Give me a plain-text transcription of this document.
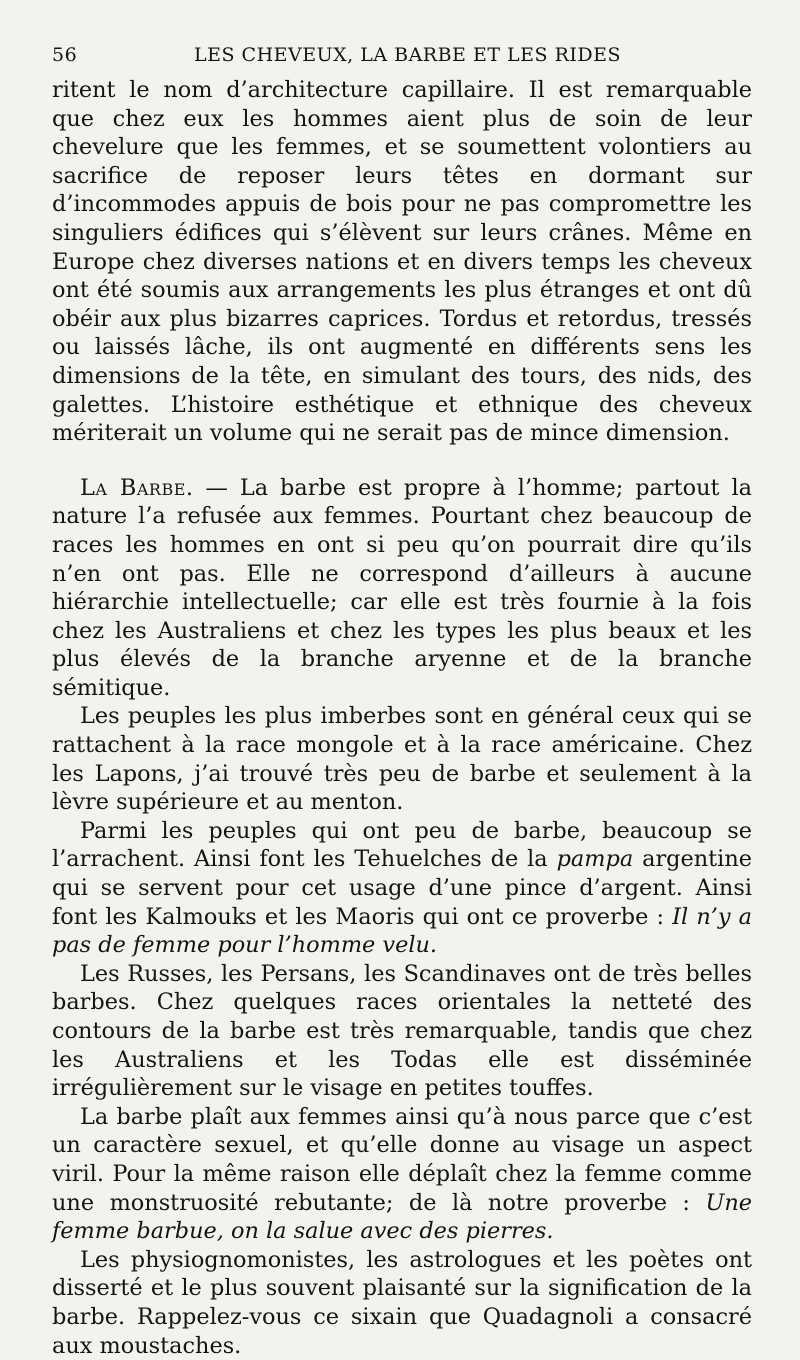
56	LES CHEVEUX, LA BARBE ET LES RIDES

ritent le nom d’architecture capillaire. Il est remarquable que chez eux les hommes aient plus de soin de leur chevelure que les femmes, et se soumettent volontiers au sacrifice de reposer leurs têtes en dormant sur d’incommodes appuis de bois pour ne pas compromettre les singuliers édifices qui s’élèvent sur leurs crânes. Même en Europe chez diverses nations et en divers temps les cheveux ont été soumis aux arrangements les plus étranges et ont dû obéir aux plus bizarres caprices. Tordus et retordus, tressés ou laissés lâche, ils ont augmenté en différents sens les dimensions de la tête, en simulant des tours, des nids, des galettes. L’histoire esthétique et ethnique des cheveux mériterait un volume qui ne serait pas de mince dimension.

La Barbe. — La barbe est propre à l’homme; partout la nature l’a refusée aux femmes. Pourtant chez beaucoup de races les hommes en ont si peu qu’on pourrait dire qu’ils n’en ont pas. Elle ne correspond d’ailleurs à aucune hiérarchie intellectuelle; car elle est très fournie à la fois chez les Australiens et chez les types les plus beaux et les plus élevés de la branche aryenne et de la branche sémitique.

Les peuples les plus imberbes sont en général ceux qui se rattachent à la race mongole et à la race américaine. Chez les Lapons, j’ai trouvé très peu de barbe et seulement à la lèvre supérieure et au menton.

Parmi les peuples qui ont peu de barbe, beaucoup se l’arrachent. Ainsi font les Tehuelches de la pampa argentine qui se servent pour cet usage d’une pince d’argent. Ainsi font les Kalmouks et les Maoris qui ont ce proverbe : Il n’y a pas de femme pour l’homme velu.

Les Russes, les Persans, les Scandinaves ont de très belles barbes. Chez quelques races orientales la netteté des contours de la barbe est très remarquable, tandis que chez les Australiens et les Todas elle est disséminée irrégulièrement sur le visage en petites touffes.

La barbe plaît aux femmes ainsi qu’à nous parce que c’est un caractère sexuel, et qu’elle donne au visage un aspect viril. Pour la même raison elle déplaît chez la femme comme une monstruosité rebutante; de là notre proverbe : Une femme barbue, on la salue avec des pierres.

Les physiognomonistes, les astrologues et les poètes ont disserté et le plus souvent plaisanté sur la signification de la barbe. Rappelez-vous ce sixain que Quadagnoli a consacré aux moustaches.
